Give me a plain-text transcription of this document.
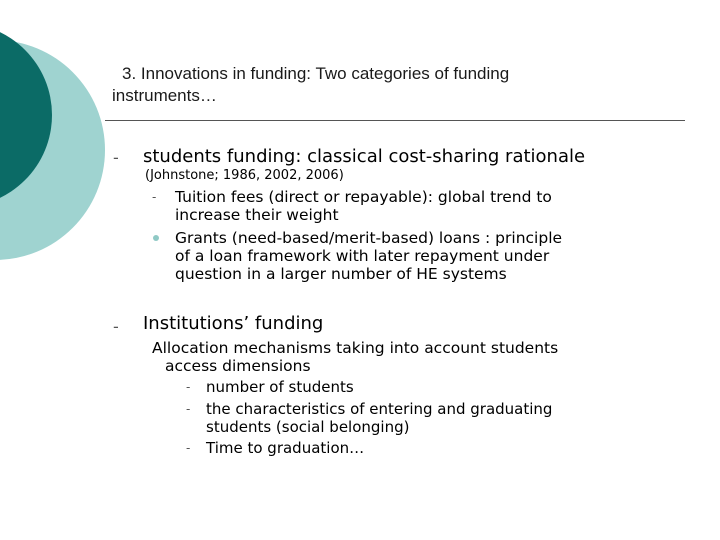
3. Innovations in funding: Two categories of funding
instruments…
- students funding: classical cost-sharing rationale
(Johnstone; 1986, 2002, 2006)
- Tuition fees (direct or repayable): global trend to
increase their weight
Grants (need-based/merit-based) loans : principle
of a loan framework with later repayment under
question in a larger number of HE systems
- Institutions’ funding
Allocation mechanisms taking into account students
access dimensions
- number of students
- the characteristics of entering and graduating
students (social belonging)
- Time to graduation…
